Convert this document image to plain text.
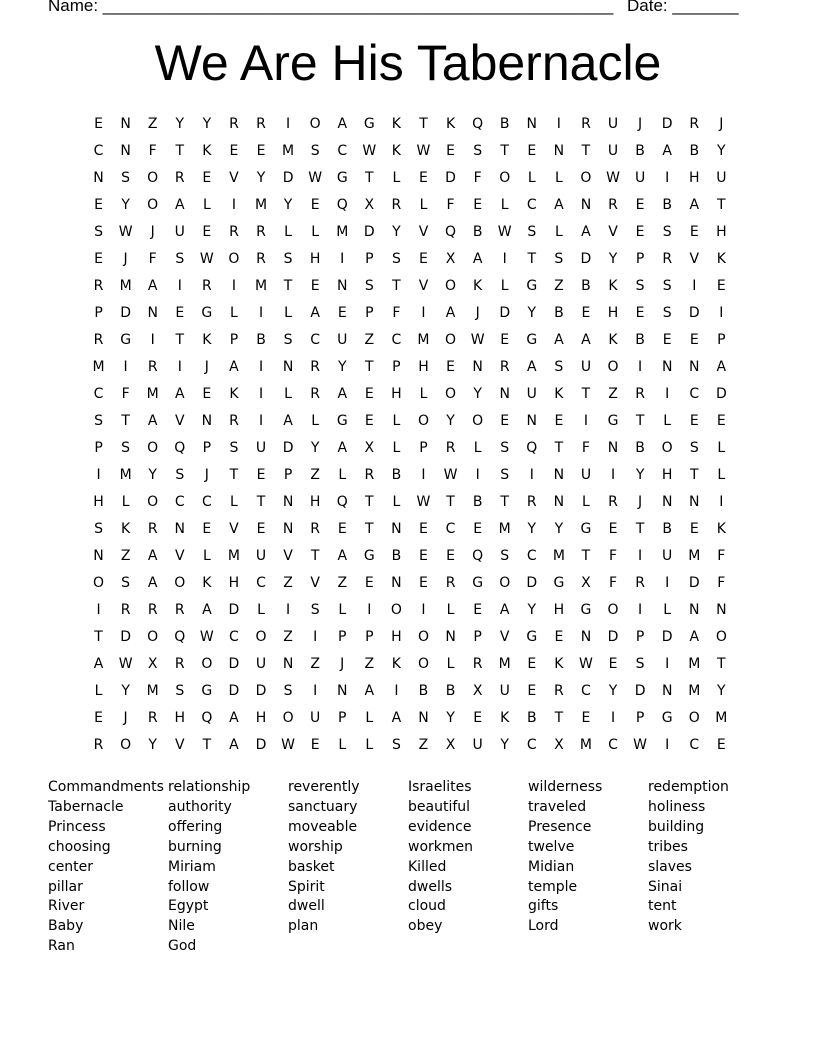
Name: ______________________________________________________ Date: _______
We Are His Tabernacle
E	N	Z	Y	Y	R	R	I	O	A	G	K	T	K	Q	B	N	I	R	U	J	D	R	J
C	N	F	T	K	E	E	M	S	C	W	K	W	E	S	T	E	N	T	U	B	A	B	Y
N	S	O	R	E	V	Y	D	W	G	T	L	E	D	F	O	L	L	O	W	U	I	H	U
E	Y	O	A	L	I	M	Y	E	Q	X	R	L	F	E	L	C	A	N	R	E	B	A	T
S	W	J	U	E	R	R	L	L	M	D	Y	V	Q	B	W	S	L	A	V	E	S	E	H
E	J	F	S	W	O	R	S	H	I	P	S	E	X	A	I	T	S	D	Y	P	R	V	K
R	M	A	I	R	I	M	T	E	N	S	T	V	O	K	L	G	Z	B	K	S	S	I	E
P	D	N	E	G	L	I	L	A	E	P	F	I	A	J	D	Y	B	E	H	E	S	D	I
R	G	I	T	K	P	B	S	C	U	Z	C	M	O	W	E	G	A	A	K	B	E	E	P
M	I	R	I	J	A	I	N	R	Y	T	P	H	E	N	R	A	S	U	O	I	N	N	A
C	F	M	A	E	K	I	L	R	A	E	H	L	O	Y	N	U	K	T	Z	R	I	C	D
S	T	A	V	N	R	I	A	L	G	E	L	O	Y	O	E	N	E	I	G	T	L	E	E
P	S	O	Q	P	S	U	D	Y	A	X	L	P	R	L	S	Q	T	F	N	B	O	S	L
I	M	Y	S	J	T	E	P	Z	L	R	B	I	W	I	S	I	N	U	I	Y	H	T	L
H	L	O	C	C	L	T	N	H	Q	T	L	W	T	B	T	R	N	L	R	J	N	N	I
S	K	R	N	E	V	E	N	R	E	T	N	E	C	E	M	Y	Y	G	E	T	B	E	K
N	Z	A	V	L	M	U	V	T	A	G	B	E	E	Q	S	C	M	T	F	I	U	M	F
O	S	A	O	K	H	C	Z	V	Z	E	N	E	R	G	O	D	G	X	F	R	I	D	F
I	R	R	R	A	D	L	I	S	L	I	O	I	L	E	A	Y	H	G	O	I	L	N	N
T	D	O	Q	W	C	O	Z	I	P	P	H	O	N	P	V	G	E	N	D	P	D	A	O
A	W	X	R	O	D	U	N	Z	J	Z	K	O	L	R	M	E	K	W	E	S	I	M	T
L	Y	M	S	G	D	D	S	I	N	A	I	B	B	X	U	E	R	C	Y	D	N	M	Y
E	J	R	H	Q	A	H	O	U	P	L	A	N	Y	E	K	B	T	E	I	P	G	O	M
R	O	Y	V	T	A	D	W	E	L	L	S	Z	X	U	Y	C	X	M	C	W	I	C	E
Commandments
Tabernacle
Princess
choosing
center
pillar
River
Baby
Ran
relationship
authority
offering
burning
Miriam
follow
Egypt
Nile
God
reverently
sanctuary
moveable
worship
basket
Spirit
dwell
plan
Israelites
beautiful
evidence
workmen
Killed
dwells
cloud
obey
wilderness
traveled
Presence
twelve
Midian
temple
gifts
Lord
redemption
holiness
building
tribes
slaves
Sinai
tent
work
